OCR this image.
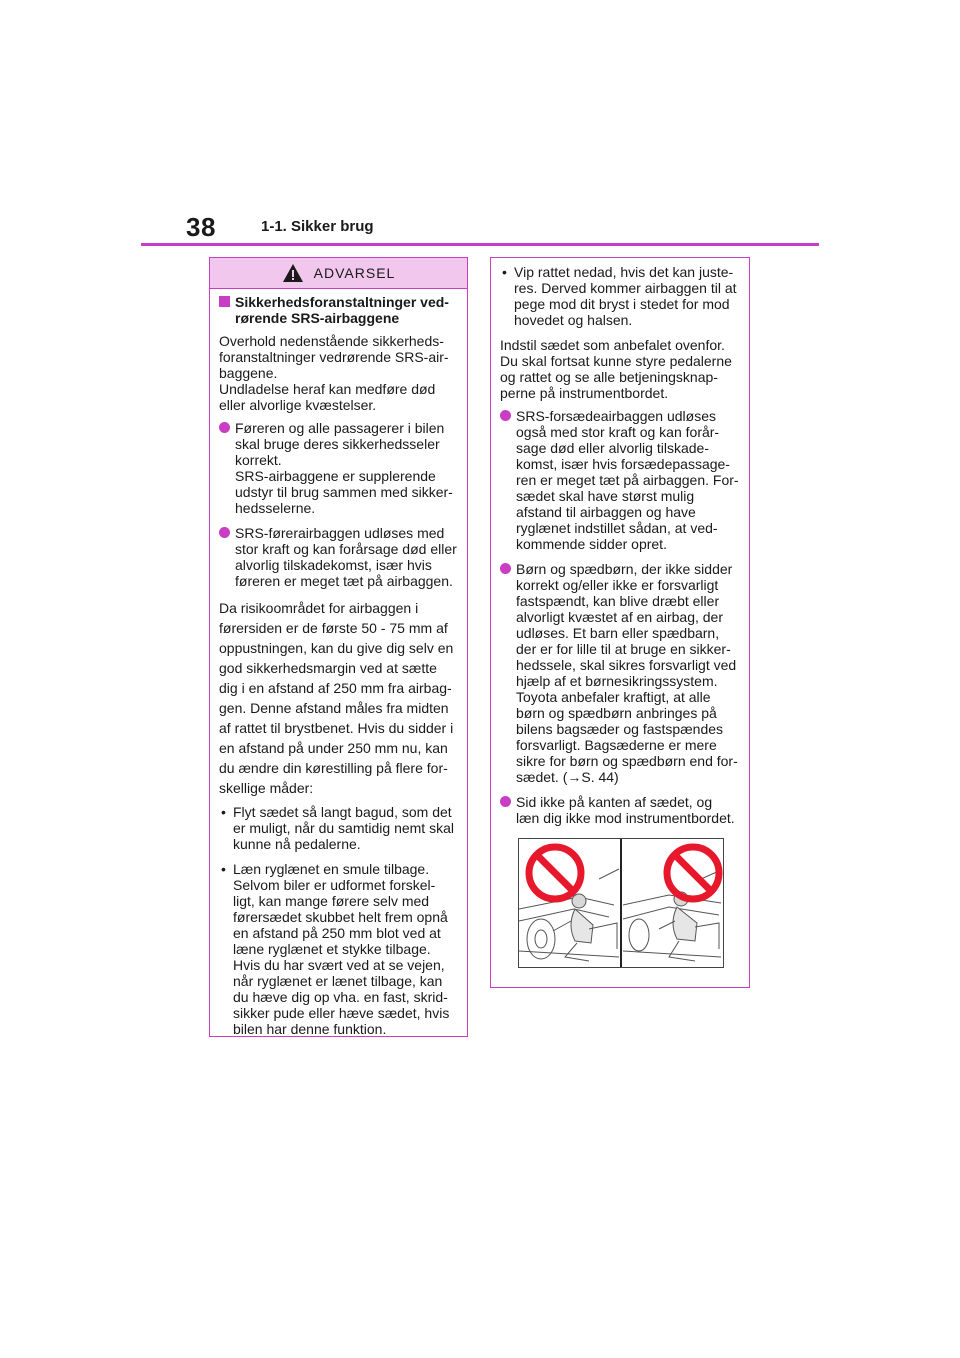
38	1-1. Sikker brug
ADVARSEL
Sikkerhedsforanstaltninger ved-rørende SRS-airbaggene

Overhold nedenstående sikkerheds-foranstaltninger vedrørende SRS-air-baggene.
Undladelse heraf kan medføre død eller alvorlige kvæstelser.

Føreren og alle passagerer i bilen skal bruge deres sikkerhedsseler korrekt.
SRS-airbaggene er supplerende udstyr til brug sammen med sikker-hedsselerne.
SRS-førerairbaggen udløses med stor kraft og kan forårsage død eller alvorlig tilskadekomst, især hvis føreren er meget tæt på airbaggen.

Da risikoområdet for airbaggen i førersiden er de første 50 - 75 mm af oppustningen, kan du give dig selv en god sikkerhedsmargin ved at sætte dig i en afstand af 250 mm fra airbag-gen. Denne afstand måles fra midten af rattet til brystbenet. Hvis du sidder i en afstand på under 250 mm nu, kan du ændre din kørestilling på flere for-skellige måder:

• Flyt sædet så langt bagud, som det er muligt, når du samtidig nemt skal kunne nå pedalerne.
• Læn ryglænet en smule tilbage. Selvom biler er udformet forskel-ligt, kan mange førere selv med førersædet skubbet helt frem opnå en afstand på 250 mm blot ved at læne ryglænet et stykke tilbage. Hvis du har svært ved at se vejen, når ryglænet er lænet tilbage, kan du hæve dig op vha. en fast, skrid-sikker pude eller hæve sædet, hvis bilen har denne funktion.
• Vip rattet nedad, hvis det kan juste-res. Derved kommer airbaggen til at pege mod dit bryst i stedet for mod hovedet og halsen.

Indstil sædet som anbefalet ovenfor. Du skal fortsat kunne styre pedalerne og rattet og se alle betjeningsknap-perne på instrumentbordet.

SRS-forsædeairbaggen udløses også med stor kraft og kan forår-sage død eller alvorlig tilskade-komst, især hvis forsædepassage-ren er meget tæt på airbaggen. For-sædet skal have størst mulig afstand til airbaggen og have ryglænet indstillet sådan, at ved-kommende sidder opret.
Børn og spædbørn, der ikke sidder korrekt og/eller ikke er forsvarligt fastspændt, kan blive dræbt eller alvorligt kvæstet af en airbag, der udløses. Et barn eller spædbarn, der er for lille til at bruge en sikker-hedssele, skal sikres forsvarligt ved hjælp af et børnesikringssystem. Toyota anbefaler kraftigt, at alle børn og spædbørn anbringes på bilens bagsæder og fastspændes forsvarligt. Bagsæderne er mere sikre for børn og spædbørn end for-sædet. (→S. 44)
Sid ikke på kanten af sædet, og læn dig ikke mod instrumentbordet.
